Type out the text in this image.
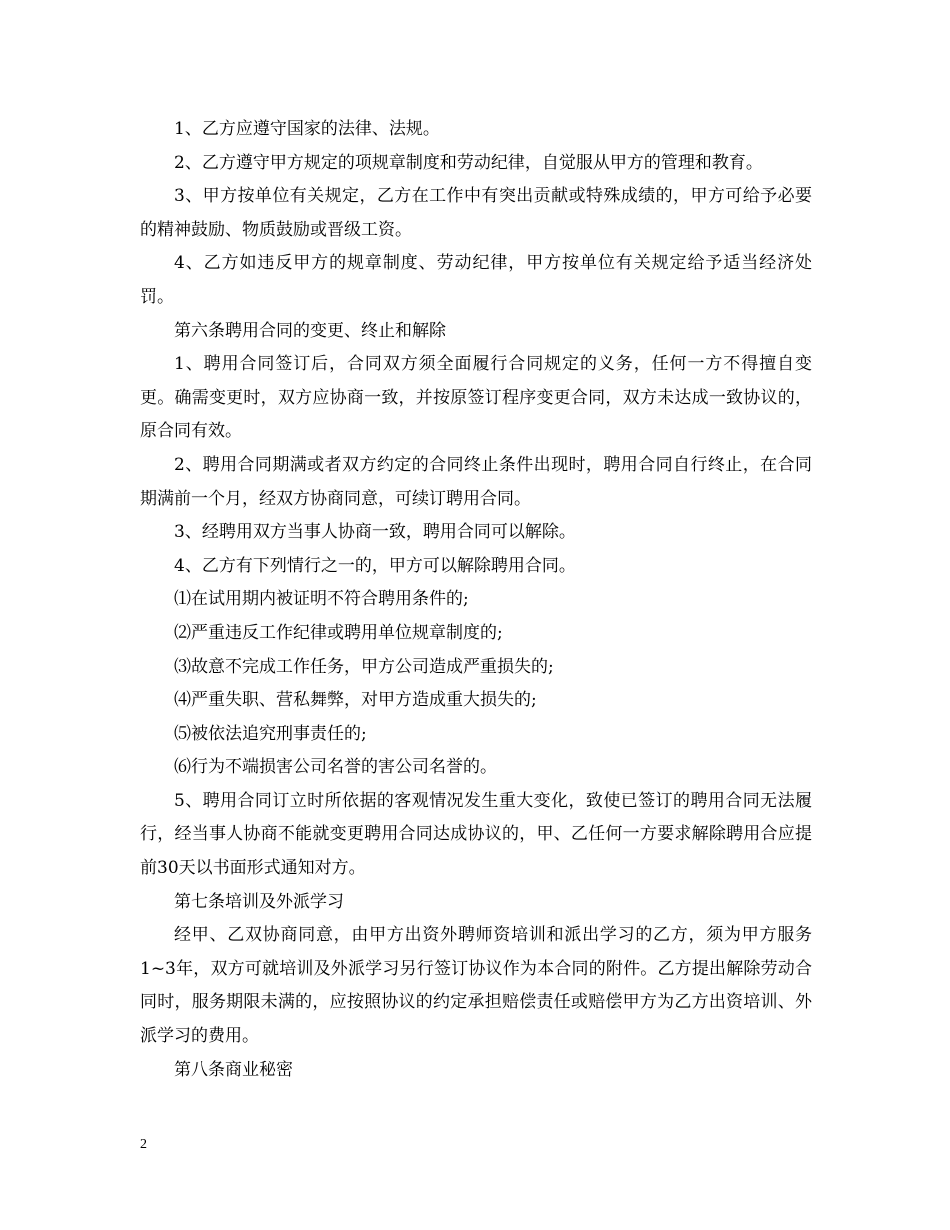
1、乙方应遵守国家的法律、法规。

2、乙方遵守甲方规定的项规章制度和劳动纪律，自觉服从甲方的管理和教育。

3、甲方按单位有关规定，乙方在工作中有突出贡献或特殊成绩的，甲方可给予必要的精神鼓励、物质鼓励或晋级工资。

4、乙方如违反甲方的规章制度、劳动纪律，甲方按单位有关规定给予适当经济处罚。

第六条聘用合同的变更、终止和解除

1、聘用合同签订后，合同双方须全面履行合同规定的义务，任何一方不得擅自变更。确需变更时，双方应协商一致，并按原签订程序变更合同，双方未达成一致协议的，原合同有效。

2、聘用合同期满或者双方约定的合同终止条件出现时，聘用合同自行终止，在合同期满前一个月，经双方协商同意，可续订聘用合同。

3、经聘用双方当事人协商一致，聘用合同可以解除。

4、乙方有下列情行之一的，甲方可以解除聘用合同。

⑴在试用期内被证明不符合聘用条件的;

⑵严重违反工作纪律或聘用单位规章制度的;

⑶故意不完成工作任务，甲方公司造成严重损失的;

⑷严重失职、营私舞弊，对甲方造成重大损失的;

⑸被依法追究刑事责任的;

⑹行为不端损害公司名誉的害公司名誉的。

5、聘用合同订立时所依据的客观情况发生重大变化，致使已签订的聘用合同无法履行，经当事人协商不能就变更聘用合同达成协议的，甲、乙任何一方要求解除聘用合应提前30天以书面形式通知对方。

第七条培训及外派学习

经甲、乙双协商同意，由甲方出资外聘师资培训和派出学习的乙方，须为甲方服务1~3年，双方可就培训及外派学习另行签订协议作为本合同的附件。乙方提出解除劳动合同时，服务期限未满的，应按照协议的约定承担赔偿责任或赔偿甲方为乙方出资培训、外派学习的费用。

第八条商业秘密

2
